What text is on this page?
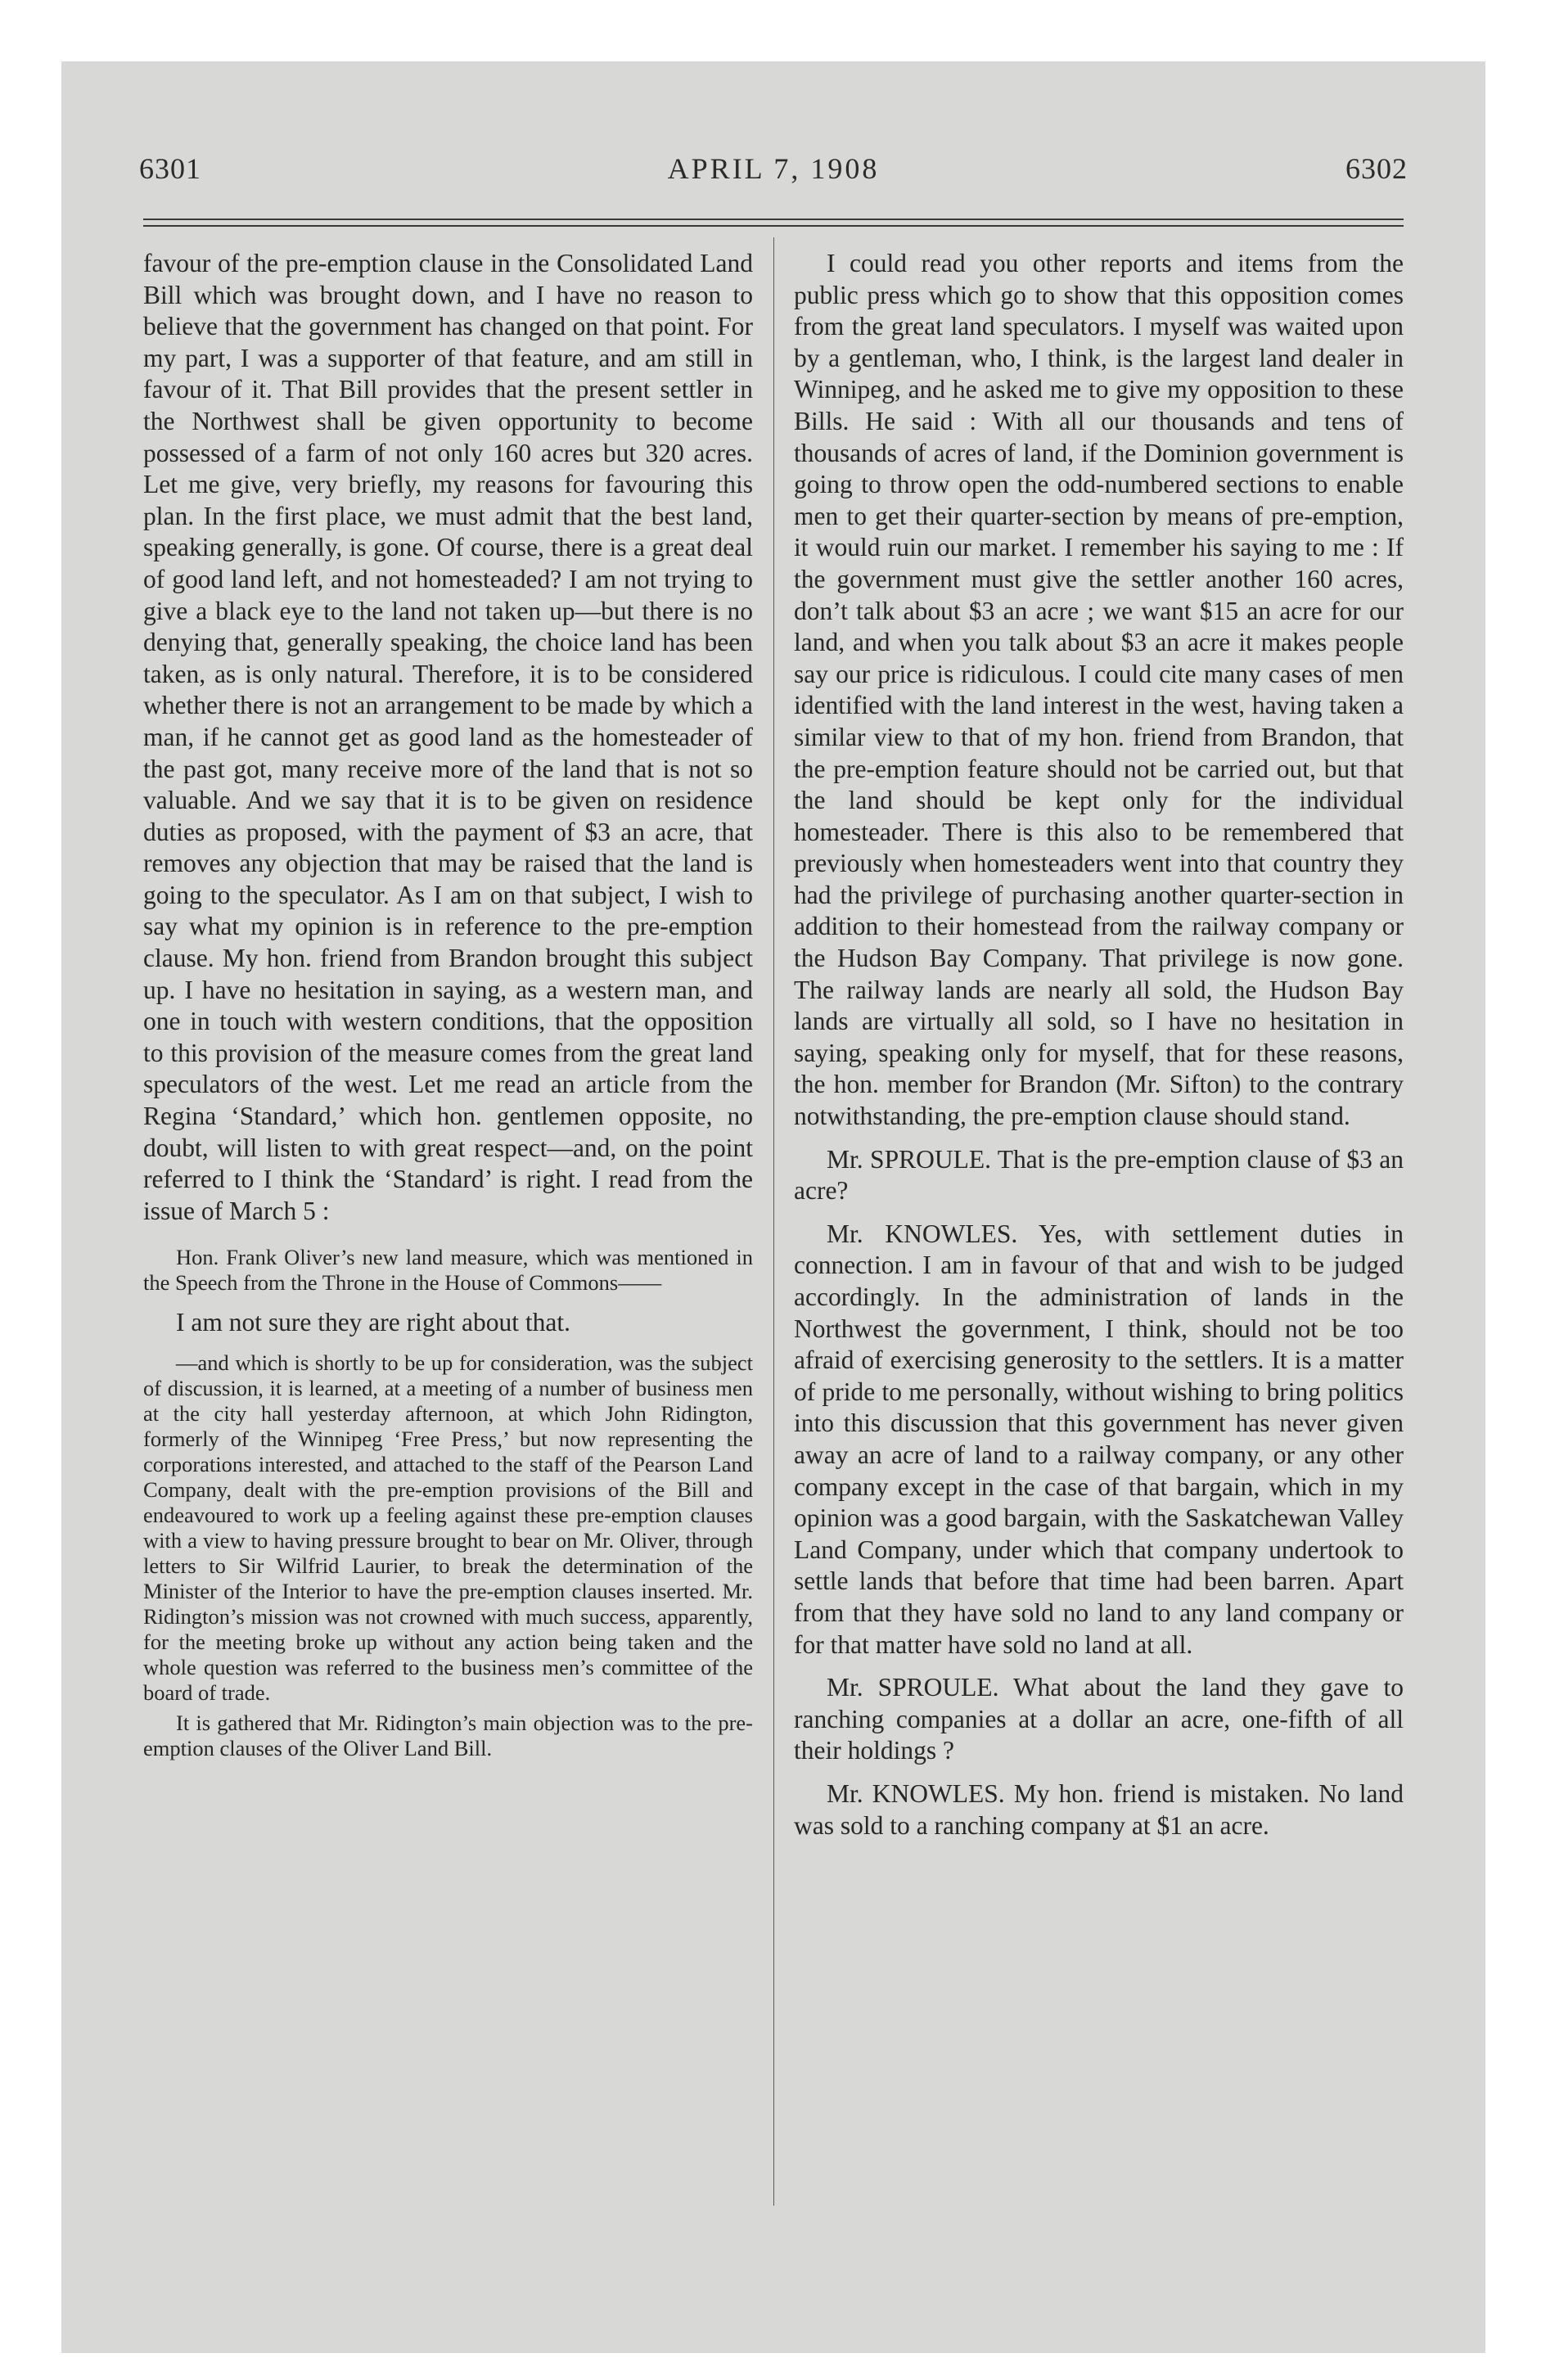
6301	APRIL 7, 1908	6302

favour of the pre-emption clause in the Consolidated Land Bill which was brought down, and I have no reason to believe that the government has changed on that point. For my part, I was a supporter of that feature, and am still in favour of it. That Bill provides that the present settler in the Northwest shall be given opportunity to become possessed of a farm of not only 160 acres but 320 acres. Let me give, very briefly, my reasons for favouring this plan. In the first place, we must admit that the best land, speaking generally, is gone. Of course, there is a great deal of good land left, and not homesteaded? I am not trying to give a black eye to the land not taken up—but there is no denying that, generally speaking, the choice land has been taken, as is only natural. Therefore, it is to be considered whether there is not an arrangement to be made by which a man, if he cannot get as good land as the homesteader of the past got, many receive more of the land that is not so valuable. And we say that it is to be given on residence duties as proposed, with the payment of $3 an acre, that removes any objection that may be raised that the land is going to the speculator. As I am on that subject, I wish to say what my opinion is in reference to the pre-emption clause. My hon. friend from Brandon brought this subject up. I have no hesitation in saying, as a western man, and one in touch with western conditions, that the opposition to this provision of the measure comes from the great land speculators of the west. Let me read an article from the Regina ‘Standard,’ which hon. gentlemen opposite, no doubt, will listen to with great respect—and, on the point referred to I think the ‘Standard’ is right. I read from the issue of March 5 :

Hon. Frank Oliver’s new land measure, which was mentioned in the Speech from the Throne in the House of Commons——

I am not sure they are right about that.

—and which is shortly to be up for consideration, was the subject of discussion, it is learned, at a meeting of a number of business men at the city hall yesterday afternoon, at which John Ridington, formerly of the Winnipeg ‘Free Press,’ but now representing the corporations interested, and attached to the staff of the Pearson Land Company, dealt with the pre-emption provisions of the Bill and endeavoured to work up a feeling against these pre-emption clauses with a view to having pressure brought to bear on Mr. Oliver, through letters to Sir Wilfrid Laurier, to break the determination of the Minister of the Interior to have the pre-emption clauses inserted. Mr. Ridington’s mission was not crowned with much success, apparently, for the meeting broke up without any action being taken and the whole question was referred to the business men’s committee of the board of trade.

It is gathered that Mr. Ridington’s main objection was to the pre-emption clauses of the Oliver Land Bill.

I could read you other reports and items from the public press which go to show that this opposition comes from the great land speculators. I myself was waited upon by a gentleman, who, I think, is the largest land dealer in Winnipeg, and he asked me to give my opposition to these Bills. He said : With all our thousands and tens of thousands of acres of land, if the Dominion government is going to throw open the odd-numbered sections to enable men to get their quarter-section by means of pre-emption, it would ruin our market. I remember his saying to me : If the government must give the settler another 160 acres, don’t talk about $3 an acre ; we want $15 an acre for our land, and when you talk about $3 an acre it makes people say our price is ridiculous. I could cite many cases of men identified with the land interest in the west, having taken a similar view to that of my hon. friend from Brandon, that the pre-emption feature should not be carried out, but that the land should be kept only for the individual homesteader. There is this also to be remembered that previously when homesteaders went into that country they had the privilege of purchasing another quarter-section in addition to their homestead from the railway company or the Hudson Bay Company. That privilege is now gone. The railway lands are nearly all sold, the Hudson Bay lands are virtually all sold, so I have no hesitation in saying, speaking only for myself, that for these reasons, the hon. member for Brandon (Mr. Sifton) to the contrary notwithstanding, the pre-emption clause should stand.

Mr. SPROULE. That is the pre-emption clause of $3 an acre?

Mr. KNOWLES. Yes, with settlement duties in connection. I am in favour of that and wish to be judged accordingly. In the administration of lands in the Northwest the government, I think, should not be too afraid of exercising generosity to the settlers. It is a matter of pride to me personally, without wishing to bring politics into this discussion that this government has never given away an acre of land to a railway company, or any other company except in the case of that bargain, which in my opinion was a good bargain, with the Saskatchewan Valley Land Company, under which that company undertook to settle lands that before that time had been barren. Apart from that they have sold no land to any land company or for that matter have sold no land at all.

Mr. SPROULE. What about the land they gave to ranching companies at a dollar an acre, one-fifth of all their holdings ?

Mr. KNOWLES. My hon. friend is mistaken. No land was sold to a ranching company at $1 an acre.
